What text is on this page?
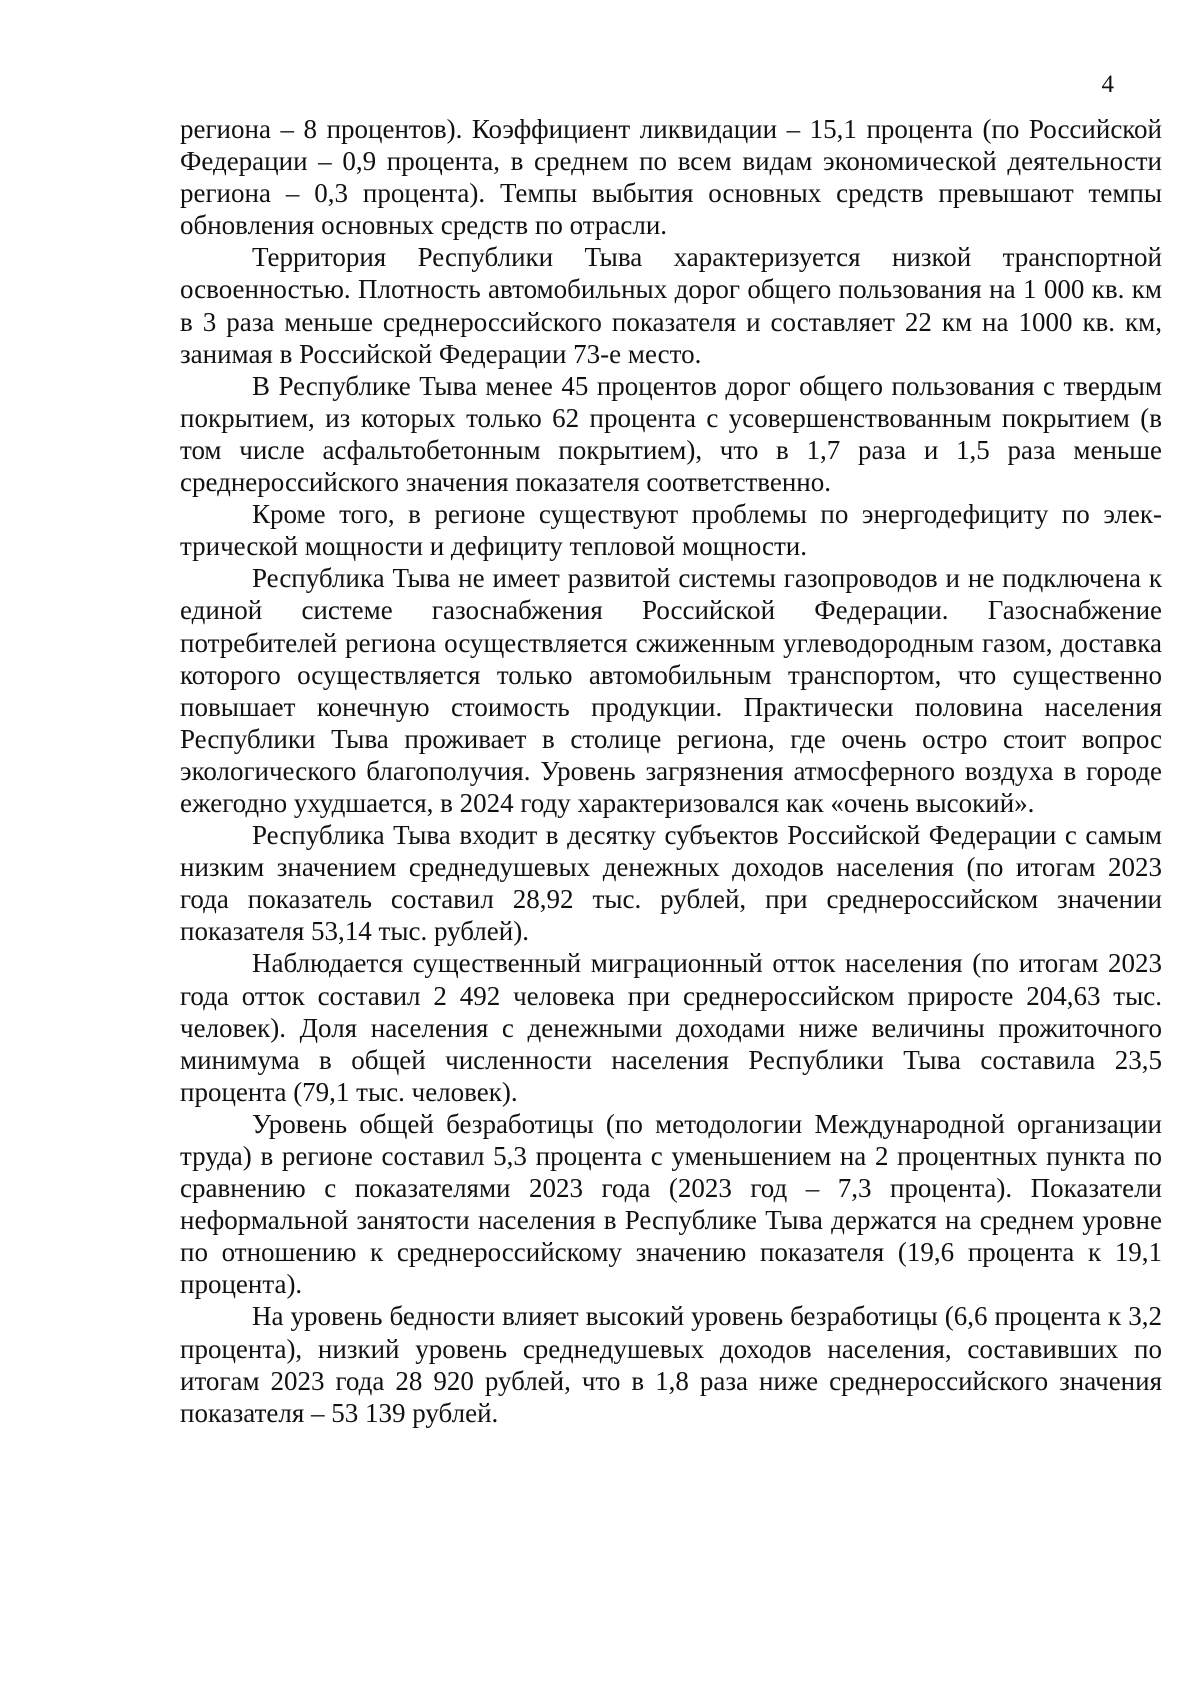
4

региона – 8 процентов). Коэффициент ликвидации – 15,1 процента (по Российской Федерации – 0,9 процента, в среднем по всем видам экономической деятельности региона – 0,3 процента). Темпы выбытия основных средств превышают темпы обновления основных средств по отрасли.

Территория Республики Тыва характеризуется низкой транспортной освоенностью. Плотность автомобильных дорог общего пользования на 1 000 кв. км в 3 раза меньше среднероссийского показателя и составляет 22 км на 1000 кв. км, занимая в Российской Федерации 73-е место.

В Республике Тыва менее 45 процентов дорог общего пользования с твердым покрытием, из которых только 62 процента с усовершенствованным покрытием (в том числе асфальтобетонным покрытием), что в 1,7 раза и 1,5 раза меньше среднероссийского значения показателя соответственно.

Кроме того, в регионе существуют проблемы по энергодефициту по электрической мощности и дефициту тепловой мощности.

Республика Тыва не имеет развитой системы газопроводов и не подключена к единой системе газоснабжения Российской Федерации. Газоснабжение потребителей региона осуществляется сжиженным углеводородным газом, доставка которого осуществляется только автомобильным транспортом, что существенно повышает конечную стоимость продукции. Практически половина населения Республики Тыва проживает в столице региона, где очень остро стоит вопрос экологического благополучия. Уровень загрязнения атмосферного воздуха в городе ежегодно ухудшается, в 2024 году характеризовался как «очень высокий».

Республика Тыва входит в десятку субъектов Российской Федерации с самым низким значением среднедушевых денежных доходов населения (по итогам 2023 года показатель составил 28,92 тыс. рублей, при среднероссийском значении показателя 53,14 тыс. рублей).

Наблюдается существенный миграционный отток населения (по итогам 2023 года отток составил 2 492 человека при среднероссийском приросте 204,63 тыс. человек). Доля населения с денежными доходами ниже величины прожиточного минимума в общей численности населения Республики Тыва составила 23,5 процента (79,1 тыс. человек).

Уровень общей безработицы (по методологии Международной организации труда) в регионе составил 5,3 процента с уменьшением на 2 процентных пункта по сравнению с показателями 2023 года (2023 год – 7,3 процента). Показатели неформальной занятости населения в Республике Тыва держатся на среднем уровне по отношению к среднероссийскому значению показателя (19,6 процента к 19,1 процента).

На уровень бедности влияет высокий уровень безработицы (6,6 процента к 3,2 процента), низкий уровень среднедушевых доходов населения, составивших по итогам 2023 года 28 920 рублей, что в 1,8 раза ниже среднероссийского значения показателя – 53 139 рублей.
